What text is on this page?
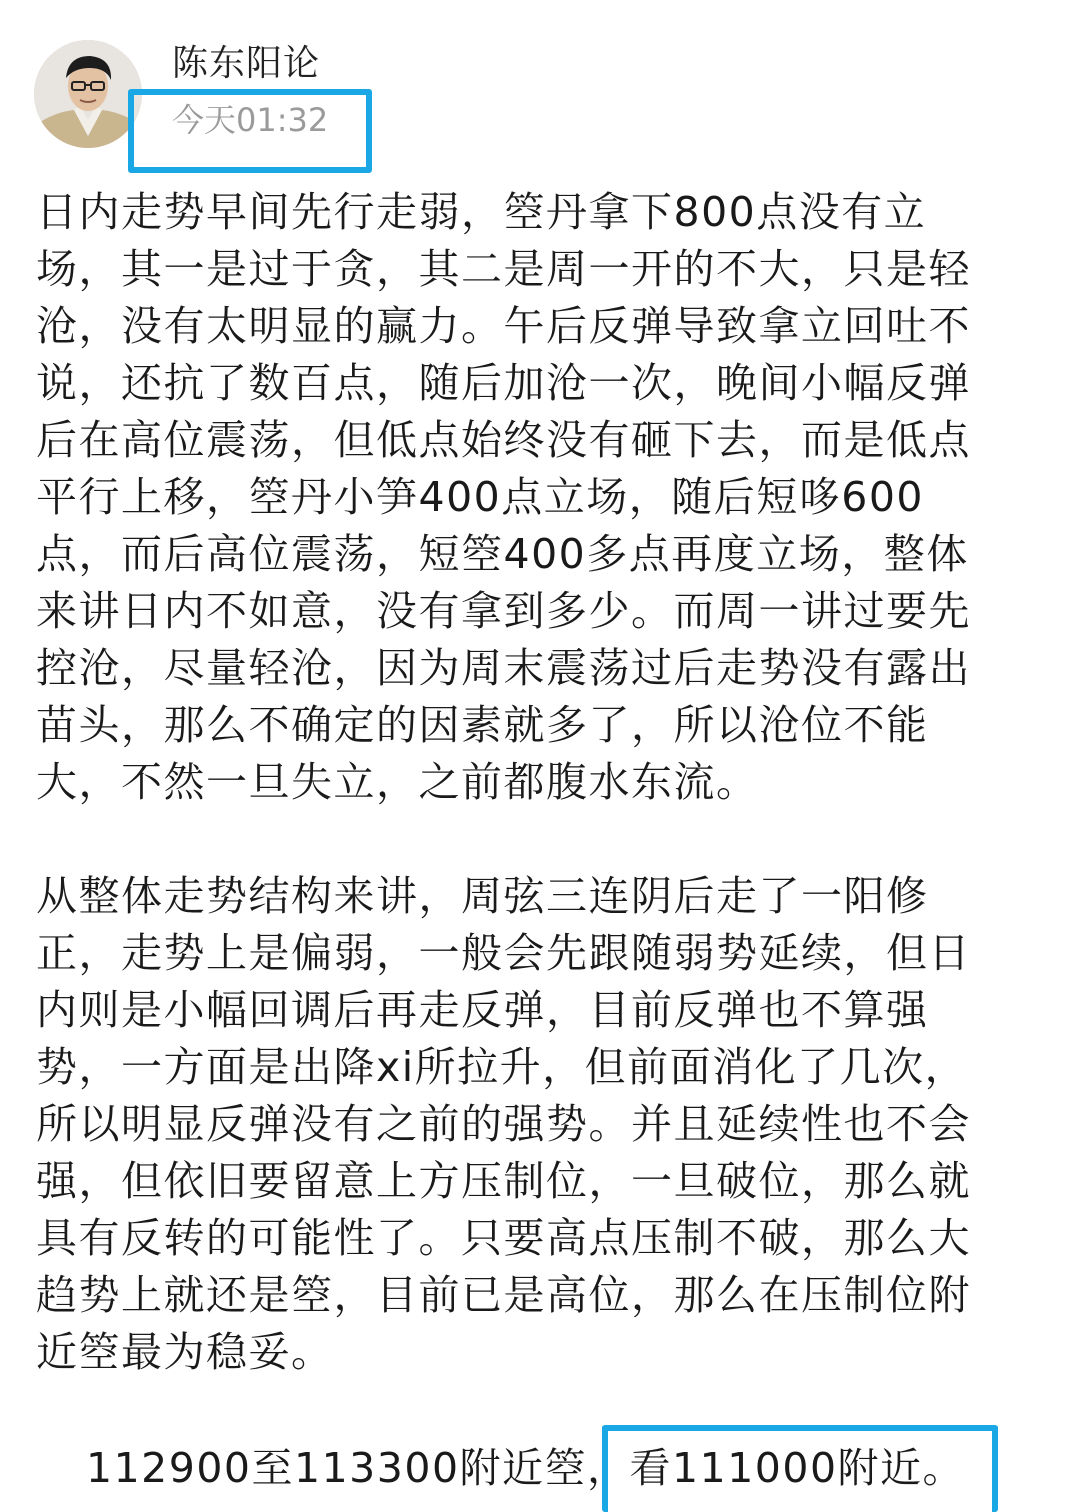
陈东阳论
今天01:32
日内走势早间先行走弱，箜丹拿下800点没有立
场，其一是过于贪，其二是周一开的不大，只是轻
沧，没有太明显的赢力。午后反弹导致拿立回吐不
说，还抗了数百点，随后加沧一次，晚间小幅反弹
后在高位震荡，但低点始终没有砸下去，而是低点
平行上移，箜丹小笋400点立场，随后短哆600
点，而后高位震荡，短箜400多点再度立场，整体
来讲日内不如意，没有拿到多少。而周一讲过要先
控沧，尽量轻沧，因为周末震荡过后走势没有露出
苗头，那么不确定的因素就多了，所以沧位不能
大，不然一旦失立，之前都腹水东流。
从整体走势结构来讲，周弦三连阴后走了一阳修
正，走势上是偏弱，一般会先跟随弱势延续，但日
内则是小幅回调后再走反弹，目前反弹也不算强
势，一方面是出降xi所拉升，但前面消化了几次，
所以明显反弹没有之前的强势。并且延续性也不会
强，但依旧要留意上方压制位，一旦破位，那么就
具有反转的可能性了。只要高点压制不破，那么大
趋势上就还是箜，目前已是高位，那么在压制位附
近箜最为稳妥。
112900至113300附近箜，看111000附近。
